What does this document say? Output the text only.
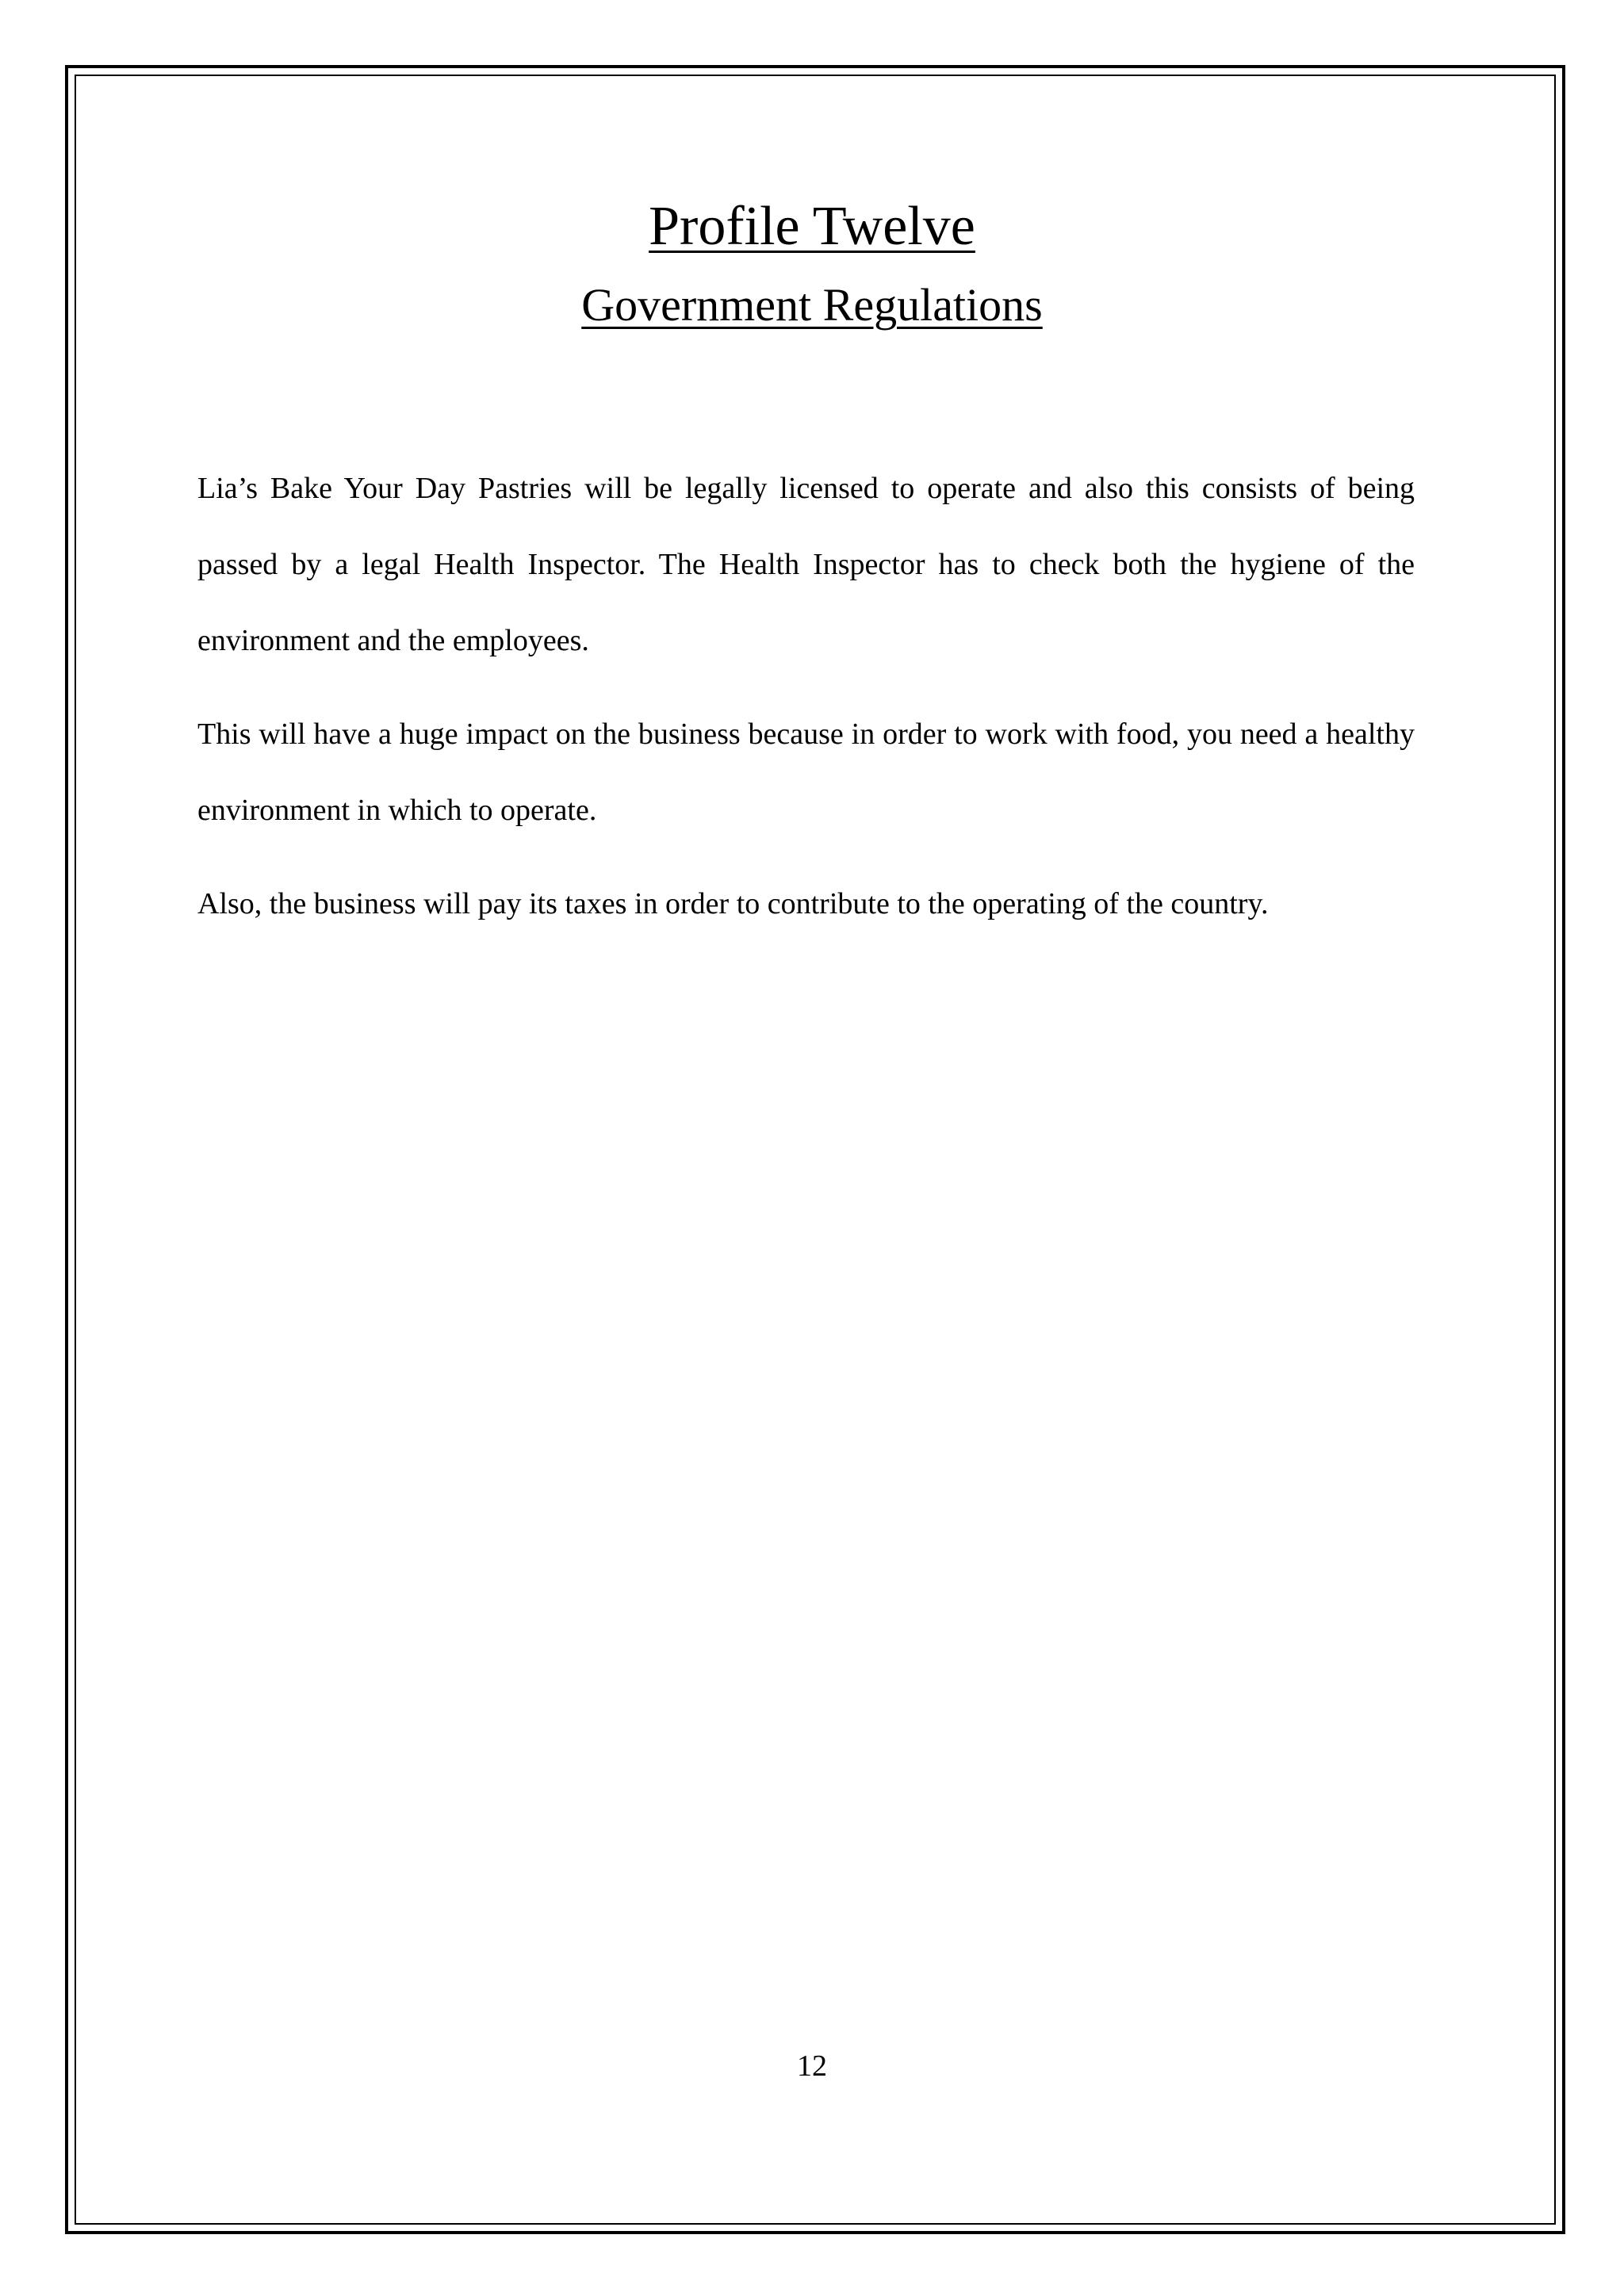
Profile Twelve
Government Regulations

Lia’s Bake Your Day Pastries will be legally licensed to operate and also this consists of being passed by a legal Health Inspector. The Health Inspector has to check both the hygiene of the environment and the employees.

This will have a huge impact on the business because in order to work with food, you need a healthy environment in which to operate.

Also, the business will pay its taxes in order to contribute to the operating of the country.

12
